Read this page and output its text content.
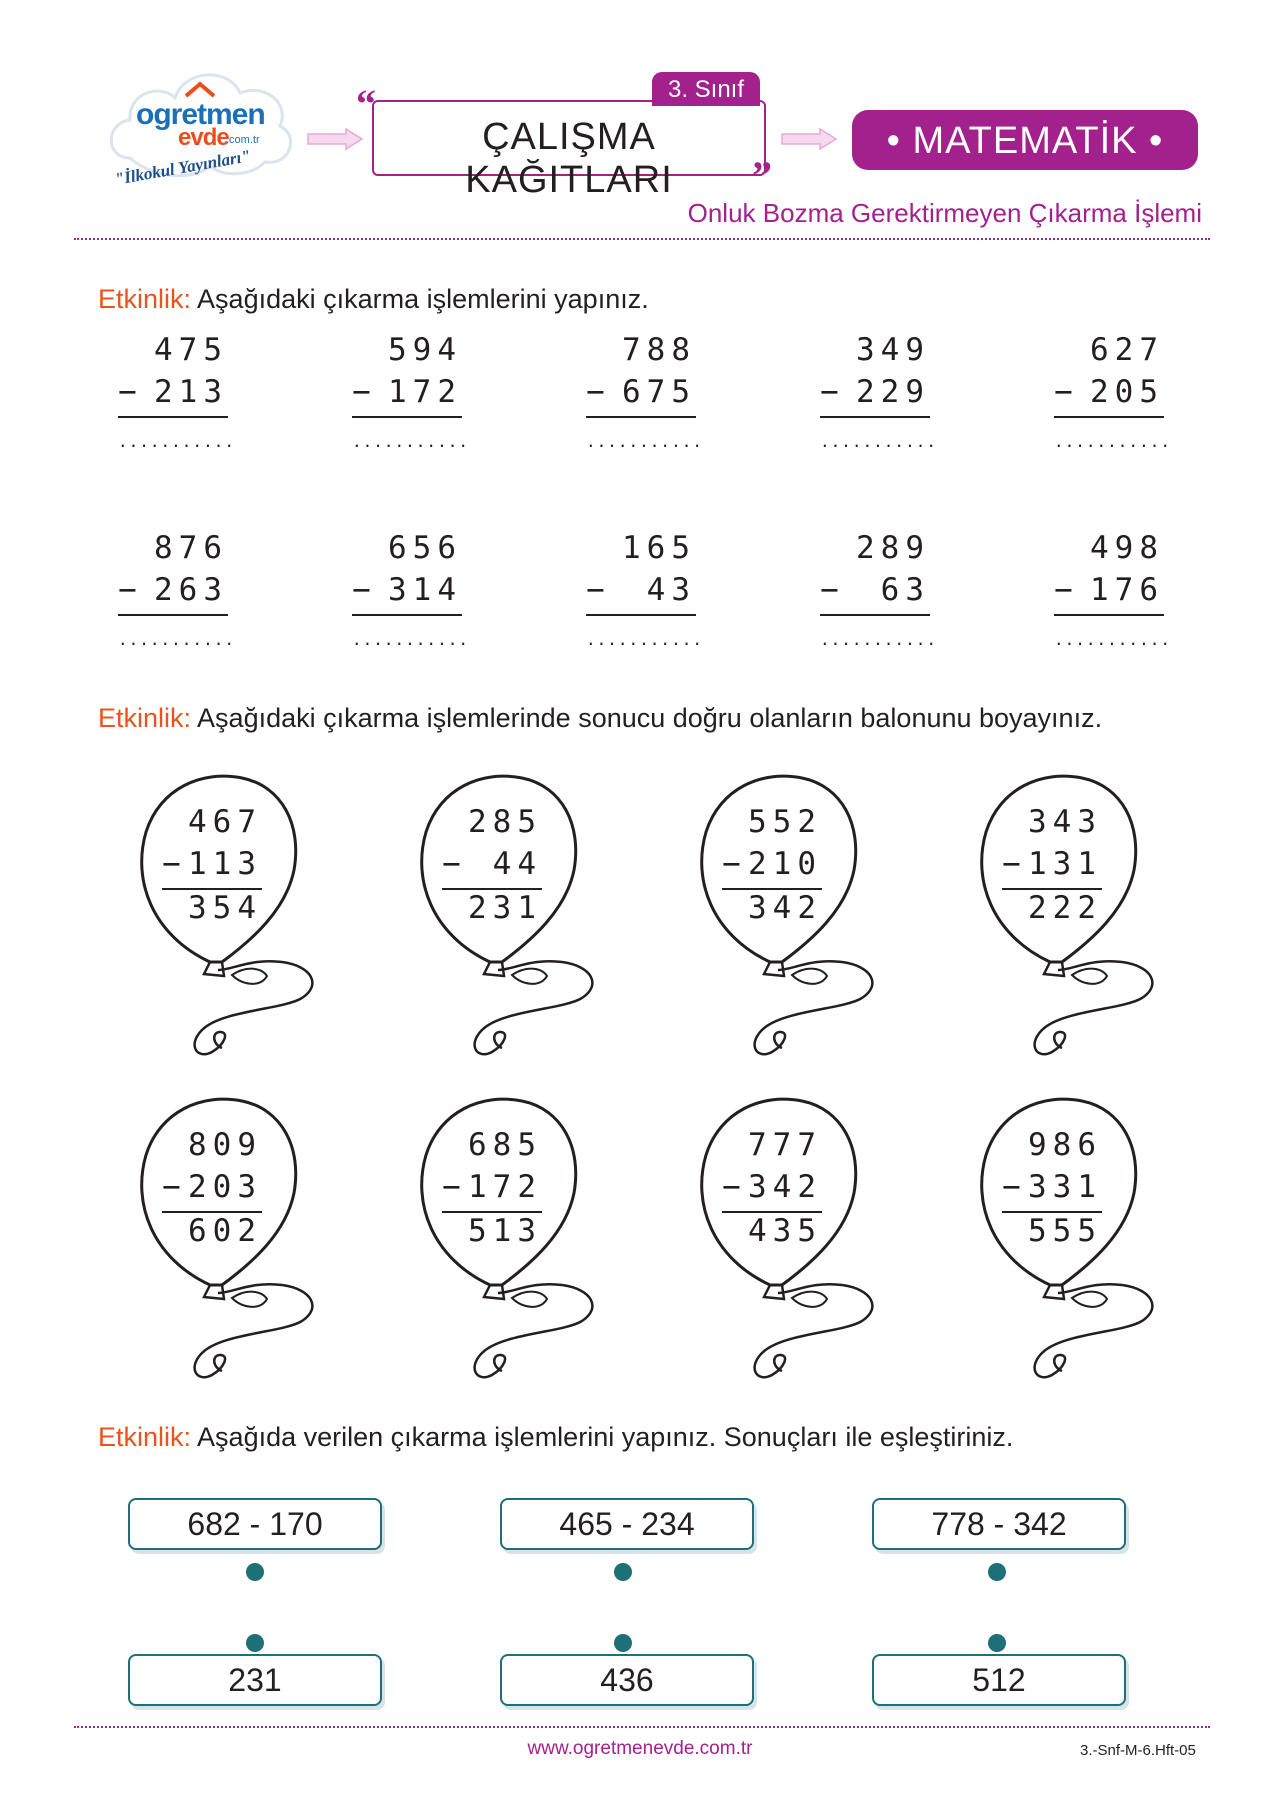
ogretmen
evde
.com.tr
"İlkokul Yayınları"
3. Sınıf
ÇALIŞMA KAĞITLARI
“
”
• MATEMATİK •
Onluk Bozma Gerektirmeyen Çıkarma İşlemi
Etkinlik: Aşağıdaki çıkarma işlemlerini yapınız.
475
− 213
...........
594
− 172
...........
788
− 675
...........
349
− 229
...........
627
− 205
...........
876
− 263
...........
656
− 314
...........
165
− 43
...........
289
− 63
...........
498
− 176
...........
Etkinlik: Aşağıdaki çıkarma işlemlerinde sonucu doğru olanların balonunu boyayınız.
467
− 113
354
285
− 44
231
552
− 210
342
343
− 131
222
809
− 203
602
685
− 172
513
777
− 342
435
986
− 331
555
Etkinlik: Aşağıda verilen çıkarma işlemlerini yapınız. Sonuçları ile eşleştiriniz.
682 - 170	465 - 234	778 - 342
231	436	512
www.ogretmenevde.com.tr	3.-Snf-M-6.Hft-05
